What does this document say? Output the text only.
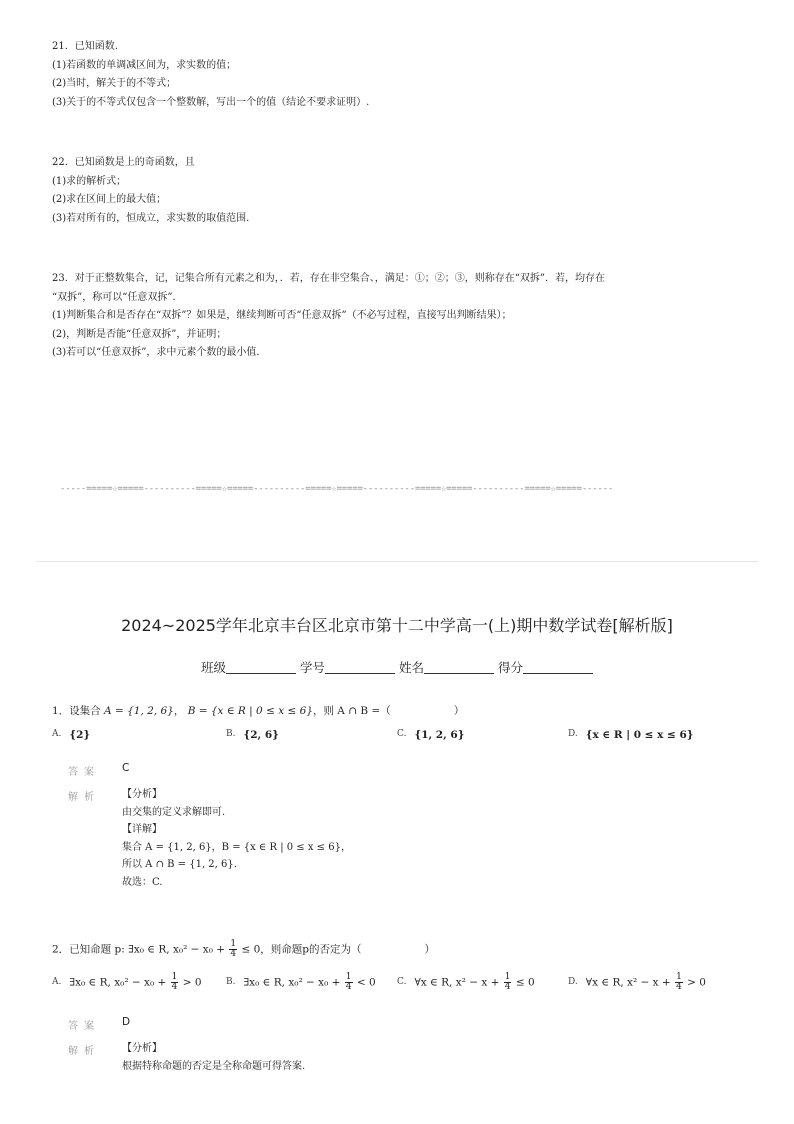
21．已知函数.
(1)若函数的单调减区间为，求实数的值；
(2)当时，解关于的不等式；
(3)关于的不等式仅包含一个整数解，写出一个的值（结论不要求证明）.
22．已知函数是上的奇函数，且
(1)求的解析式；
(2)求在区间上的最大值；
(3)若对所有的，恒成立，求实数的取值范围.
23．对于正整数集合，记，记集合所有元素之和为，．若，存在非空集合、，满足：①；②；③，则称存在“双拆”．若，均存在
“双拆”，称可以“任意双拆”．
(1)判断集合和是否存在“双拆”？如果是，继续判断可否“任意双拆”（不必写过程，直接写出判断结果）；
(2)，判断是否能“任意双拆”，并证明；
(3)若可以“任意双拆”，求中元素个数的最小值.
-----=====☆=====----------=====☆=====----------=====☆=====----------=====☆=====----------=====☆=====------
2024~2025学年北京丰台区北京市第十二中学高一(上)期中数学试卷[解析版]
班级	学号	姓名	得分
1．设集合 A = {1, 2, 6}， B = {x ∈ R | 0 ≤ x ≤ 6}，则 A ∩ B =（　　　　　　）
A. {2}	B. {2, 6}	C. {1, 2, 6}	D. {x ∈ R | 0 ≤ x ≤ 6}
答案 C
解析 【分析】
由交集的定义求解即可.
【详解】
集合 A = {1, 2, 6}，B = {x ∈ R | 0 ≤ x ≤ 6}，
所以 A ∩ B = {1, 2, 6}.
故选：C.
2．已知命题 p: ∃x₀ ∈ R, $x_0^2 - x_0 + \frac{1}{4} \le 0$，则命题p的否定为（　　　　　　）
A. ∃x₀ ∈ R, $x_0^2 - x_0 + \frac{1}{4} > 0$	B. ∃x₀ ∈ R, $x_0^2 - x_0 + \frac{1}{4} < 0$ C. ∀x ∈ R, $x^2 - x + \frac{1}{4} \le 0$	D. ∀x ∈ R, $x^2 - x + \frac{1}{4} > 0$
答案 D
解析 【分析】
根据特称命题的否定是全称命题可得答案.
